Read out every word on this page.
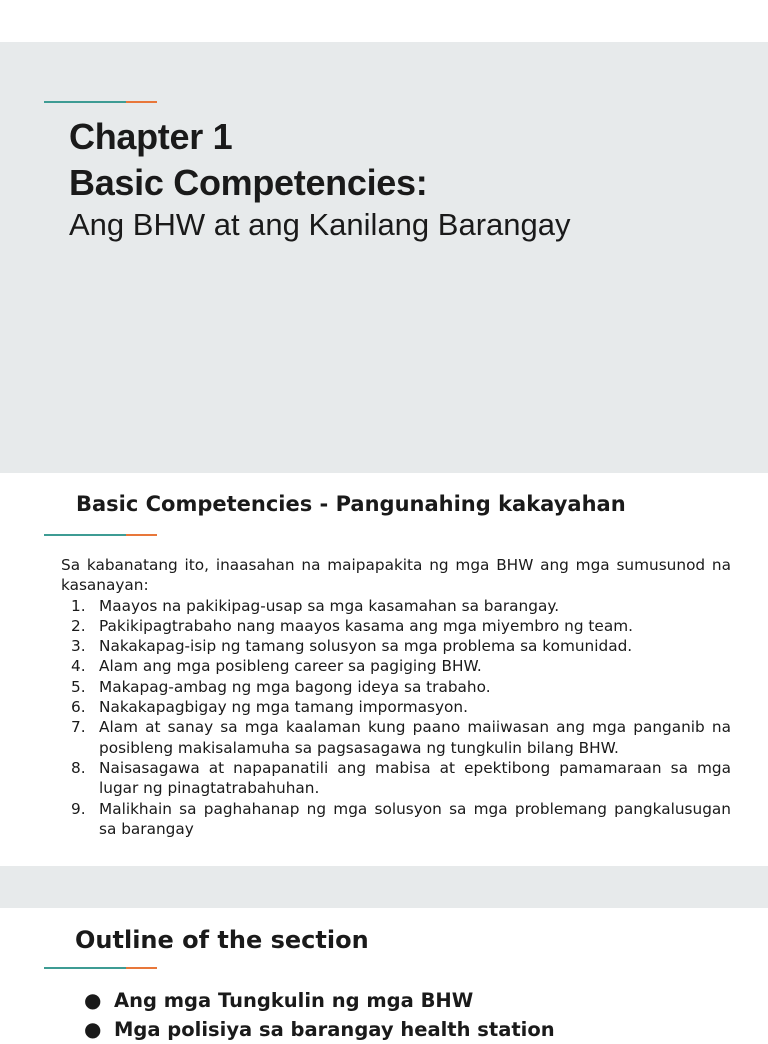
Chapter 1
Basic Competencies:

Ang BHW at ang Kanilang Barangay

Basic Competencies - Pangunahing kakayahan

Sa kabanatang ito, inaasahan na maipapakita ng mga BHW ang mga sumusunod na kasanayan:

1. Maayos na pakikipag-usap sa mga kasamahan sa barangay.
2. Pakikipagtrabaho nang maayos kasama ang mga miyembro ng team.
3. Nakakapag-isip ng tamang solusyon sa mga problema sa komunidad.
4. Alam ang mga posibleng career sa pagiging BHW.
5. Makapag-ambag ng mga bagong ideya sa trabaho.
6. Nakakapagbigay ng mga tamang impormasyon.
7. Alam at sanay sa mga kaalaman kung paano maiiwasan ang mga panganib na posibleng makisalamuha sa pagsasagawa ng tungkulin bilang BHW.
8. Naisasagawa at napapanatili ang mabisa at epektibong pamamaraan sa mga lugar ng pinagtatrabahuhan.
9. Malikhain sa paghahanap ng mga solusyon sa mga problemang pangkalusugan sa barangay
Outline of the section
● Ang mga Tungkulin ng mga BHW
● Mga polisiya sa barangay health station
